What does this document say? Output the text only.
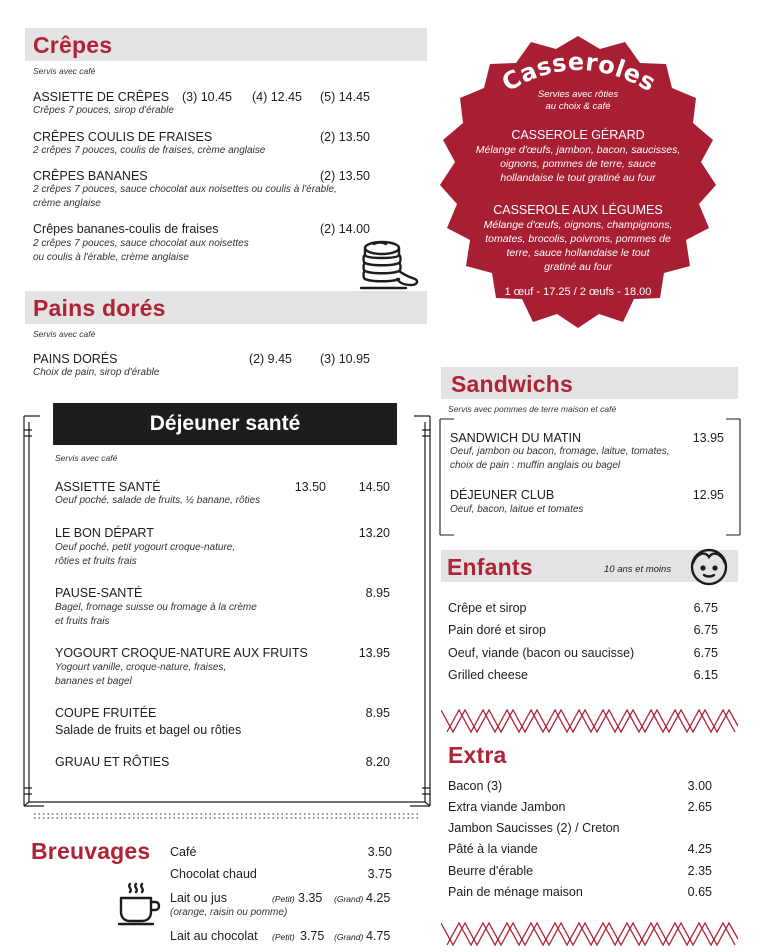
Crêpes
Servis avec café
ASSIETTE DE CRÊPES	(3) 10.45	(4) 12.45	(5) 14.45
Crêpes 7 pouces, sirop d'érable
CRÊPES COULIS DE FRAISES	(2) 13.50
2 crêpes 7 pouces, coulis de fraises, crème anglaise
CRÊPES BANANES	(2) 13.50
2 crêpes 7 pouces, sauce chocolat aux noisettes ou coulis à l'érable,
crème anglaise
Crêpes bananes-coulis de fraises	(2) 14.00
2 crêpes 7 pouces, sauce chocolat aux noisettes
ou coulis à l'érable, crème anglaise
Pains dorés
Servis avec café
PAINS DORÉS	(2) 9.45	(3) 10.95
Choix de pain, sirop d'érable
Déjeuner santé
Servis avec café
ASSIETTE SANTÉ	13.50	14.50
Oeuf poché, salade de fruits, ½ banane, rôties
LE BON DÉPART	13.20
Oeuf poché, petit yogourt croque-nature,
rôties et fruits frais
PAUSE-SANTÉ	8.95
Bagel, fromage suisse ou fromage à la crème
et fruits frais
YOGOURT CROQUE-NATURE AUX FRUITS	13.95
Yogourt vanille, croque-nature, fraises,
bananes et bagel
COUPE FRUITÉE	8.95
Salade de fruits et bagel ou rôties
GRUAU ET RÔTIES	8.20
Breuvages Café	3.50
Chocolat chaud	3.75
Lait ou jus	(Petit) 3.35 (Grand) 4.25
(orange, raisin ou pomme)
Lait au chocolat (Petit) 3.75 (Grand) 4.75
Casseroles
Servies avec rôties
au choix & café
CASSEROLE GÉRARD
Mélange d'œufs, jambon, bacon, saucisses,
oignons, pommes de terre, sauce
hollandaise le tout gratiné au four
CASSEROLE AUX LÉGUMES
Mélange d'œufs, oignons, champignons,
tomates, brocolis, poivrons, pommes de
terre, sauce hollandaise le tout
gratiné au four
1 œuf - 17.25 / 2 œufs - 18.00
Sandwichs
Servis avec pommes de terre maison et café
SANDWICH DU MATIN	13.95
Oeuf, jambon ou bacon, fromage, laitue, tomates,
choix de pain : muffin anglais ou bagel
DÉJEUNER CLUB	12.95
Oeuf, bacon, laitue et tomates
Enfants	10 ans et moins
Crêpe et sirop	6.75
Pain doré et sirop	6.75
Oeuf, viande (bacon ou saucisse)	6.75
Grilled cheese	6.15
Extra
Bacon (3)	3.00
Extra viande Jambon	2.65
Jambon Saucisses (2) / Creton
Pâté à la viande	4.25
Beurre d'érable	2.35
Pain de ménage maison	0.65
